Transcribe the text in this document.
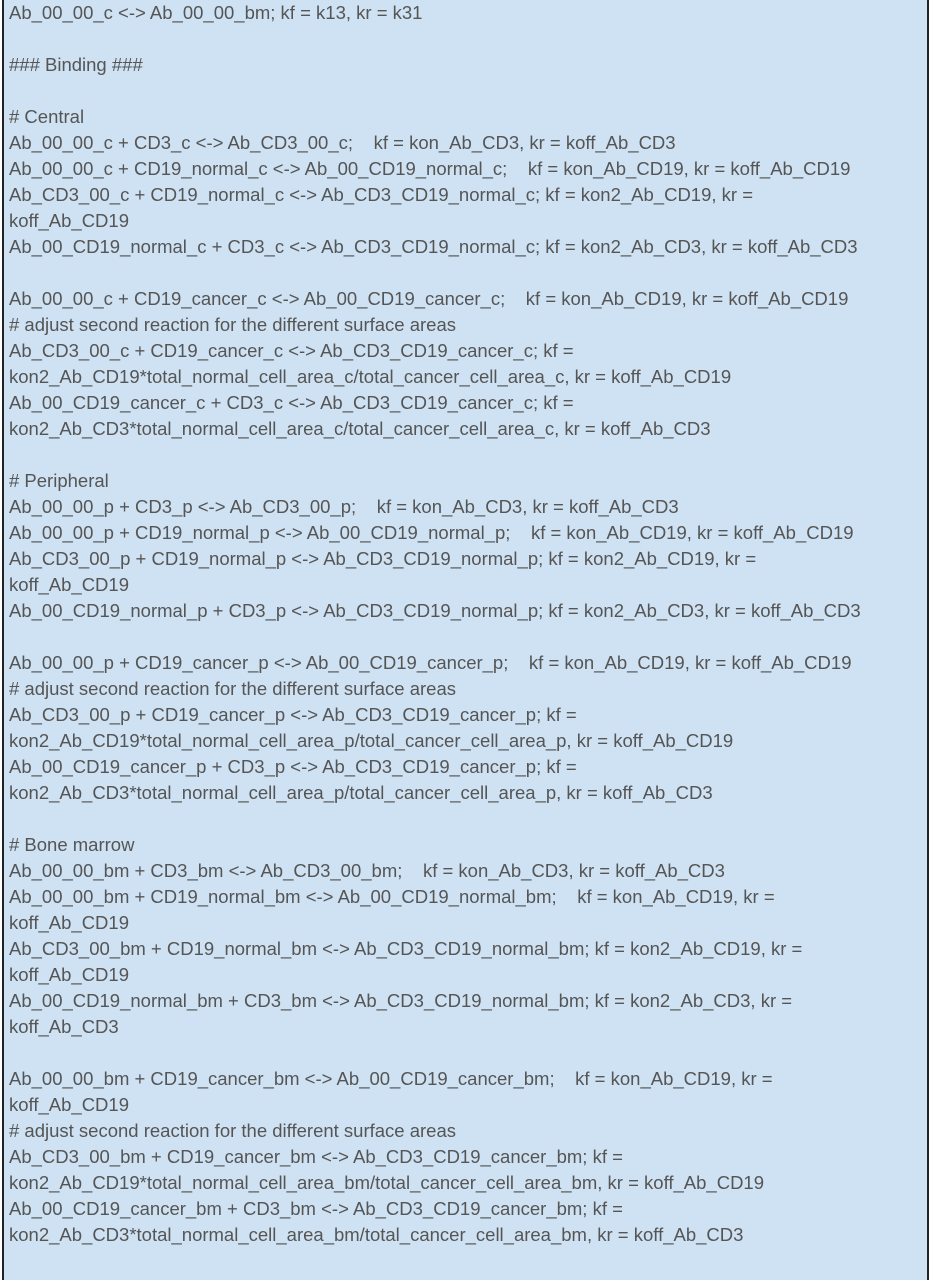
Ab_00_00_c <-> Ab_00_00_bm; kf = k13, kr = k31
### Binding ###
# Central
Ab_00_00_c + CD3_c <-> Ab_CD3_00_c;    kf = kon_Ab_CD3, kr = koff_Ab_CD3
Ab_00_00_c + CD19_normal_c <-> Ab_00_CD19_normal_c;    kf = kon_Ab_CD19, kr = koff_Ab_CD19
Ab_CD3_00_c + CD19_normal_c <-> Ab_CD3_CD19_normal_c; kf = kon2_Ab_CD19, kr =
koff_Ab_CD19
Ab_00_CD19_normal_c + CD3_c <-> Ab_CD3_CD19_normal_c; kf = kon2_Ab_CD3, kr = koff_Ab_CD3
Ab_00_00_c + CD19_cancer_c <-> Ab_00_CD19_cancer_c;    kf = kon_Ab_CD19, kr = koff_Ab_CD19
# adjust second reaction for the different surface areas
Ab_CD3_00_c + CD19_cancer_c <-> Ab_CD3_CD19_cancer_c; kf =
kon2_Ab_CD19*total_normal_cell_area_c/total_cancer_cell_area_c, kr = koff_Ab_CD19
Ab_00_CD19_cancer_c + CD3_c <-> Ab_CD3_CD19_cancer_c; kf =
kon2_Ab_CD3*total_normal_cell_area_c/total_cancer_cell_area_c, kr = koff_Ab_CD3
# Peripheral
Ab_00_00_p + CD3_p <-> Ab_CD3_00_p;    kf = kon_Ab_CD3, kr = koff_Ab_CD3
Ab_00_00_p + CD19_normal_p <-> Ab_00_CD19_normal_p;    kf = kon_Ab_CD19, kr = koff_Ab_CD19
Ab_CD3_00_p + CD19_normal_p <-> Ab_CD3_CD19_normal_p; kf = kon2_Ab_CD19, kr =
koff_Ab_CD19
Ab_00_CD19_normal_p + CD3_p <-> Ab_CD3_CD19_normal_p; kf = kon2_Ab_CD3, kr = koff_Ab_CD3
Ab_00_00_p + CD19_cancer_p <-> Ab_00_CD19_cancer_p;    kf = kon_Ab_CD19, kr = koff_Ab_CD19
# adjust second reaction for the different surface areas
Ab_CD3_00_p + CD19_cancer_p <-> Ab_CD3_CD19_cancer_p; kf =
kon2_Ab_CD19*total_normal_cell_area_p/total_cancer_cell_area_p, kr = koff_Ab_CD19
Ab_00_CD19_cancer_p + CD3_p <-> Ab_CD3_CD19_cancer_p; kf =
kon2_Ab_CD3*total_normal_cell_area_p/total_cancer_cell_area_p, kr = koff_Ab_CD3
# Bone marrow
Ab_00_00_bm + CD3_bm <-> Ab_CD3_00_bm;    kf = kon_Ab_CD3, kr = koff_Ab_CD3
Ab_00_00_bm + CD19_normal_bm <-> Ab_00_CD19_normal_bm;    kf = kon_Ab_CD19, kr =
koff_Ab_CD19
Ab_CD3_00_bm + CD19_normal_bm <-> Ab_CD3_CD19_normal_bm; kf = kon2_Ab_CD19, kr =
koff_Ab_CD19
Ab_00_CD19_normal_bm + CD3_bm <-> Ab_CD3_CD19_normal_bm; kf = kon2_Ab_CD3, kr =
koff_Ab_CD3
Ab_00_00_bm + CD19_cancer_bm <-> Ab_00_CD19_cancer_bm;    kf = kon_Ab_CD19, kr =
koff_Ab_CD19
# adjust second reaction for the different surface areas
Ab_CD3_00_bm + CD19_cancer_bm <-> Ab_CD3_CD19_cancer_bm; kf =
kon2_Ab_CD19*total_normal_cell_area_bm/total_cancer_cell_area_bm, kr = koff_Ab_CD19
Ab_00_CD19_cancer_bm + CD3_bm <-> Ab_CD3_CD19_cancer_bm; kf =
kon2_Ab_CD3*total_normal_cell_area_bm/total_cancer_cell_area_bm, kr = koff_Ab_CD3
